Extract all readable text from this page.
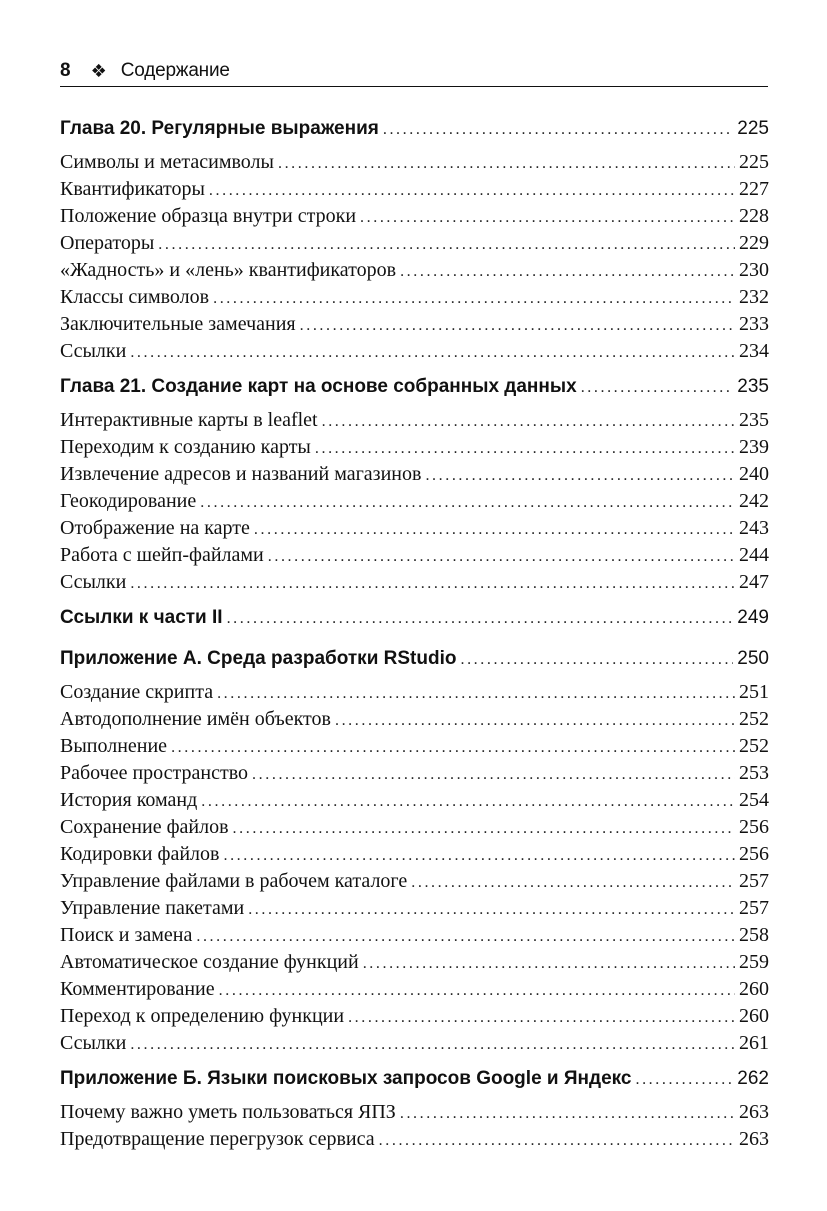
8 ❖ Содержание
Глава 20. Регулярные выражения .....	225
Символы и метасимволы .....	225
Квантификаторы .....	227
Положение образца внутри строки .....	228
Операторы .....	229
«Жадность» и «лень» квантификаторов .....	230
Классы символов .....	232
Заключительные замечания .....	233
Ссылки .....	234
Глава 21. Создание карт на основе собранных данных .....	235
Интерактивные карты в leaflet .....	235
Переходим к созданию карты .....	239
Извлечение адресов и названий магазинов .....	240
Геокодирование .....	242
Отображение на карте .....	243
Работа с шейп-файлами .....	244
Ссылки .....	247
Ссылки к части II .....	249
Приложение А. Среда разработки RStudio .....	250
Создание скрипта .....	251
Автодополнение имён объектов .....	252
Выполнение .....	252
Рабочее пространство .....	253
История команд .....	254
Сохранение файлов .....	256
Кодировки файлов .....	256
Управление файлами в рабочем каталоге .....	257
Управление пакетами .....	257
Поиск и замена .....	258
Автоматическое создание функций .....	259
Комментирование .....	260
Переход к определению функции .....	260
Ссылки .....	261
Приложение Б. Языки поисковых запросов Google и Яндекс .....	262
Почему важно уметь пользоваться ЯПЗ .....	263
Предотвращение перегрузок сервиса .....	263
